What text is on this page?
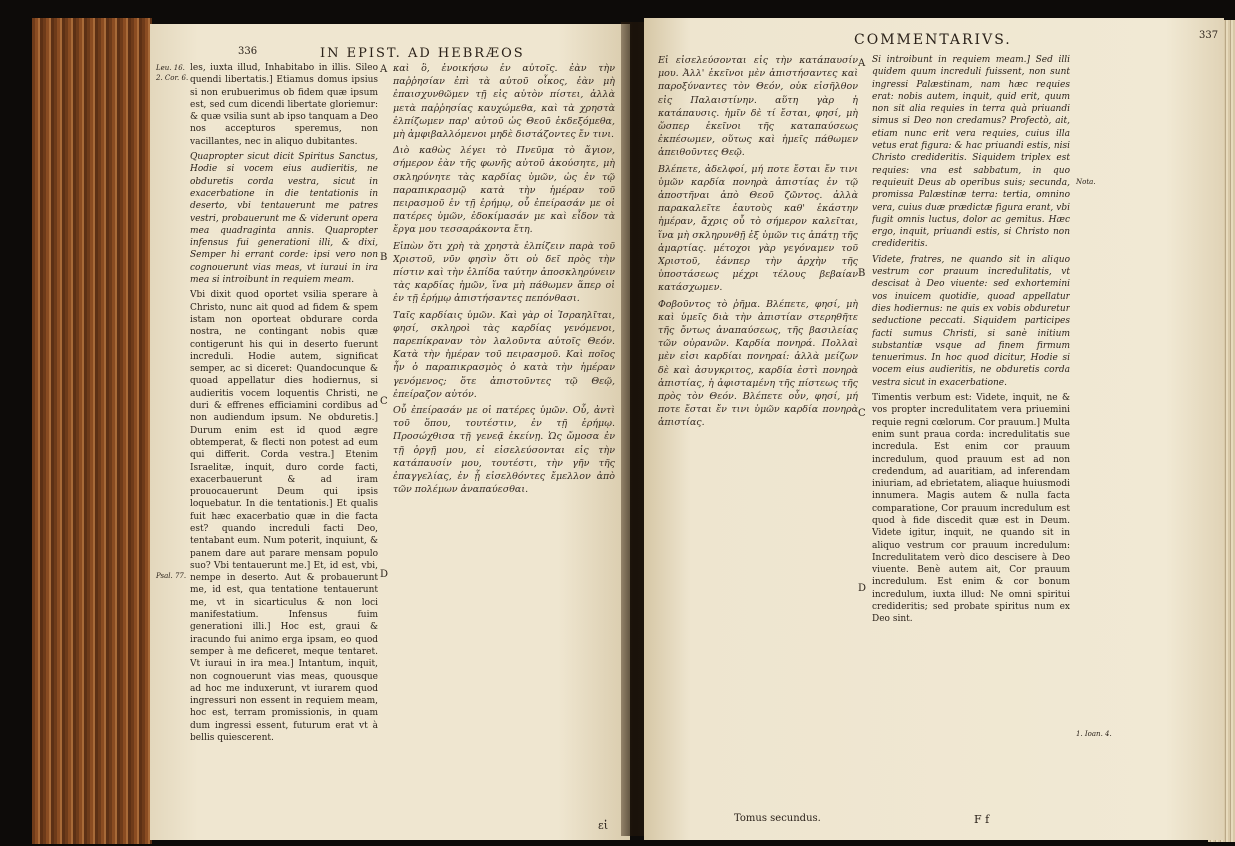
336	IN EPIST. AD HEBRÆOS
Leu. 16.
2. Cor. 6.
Psal. 77.

les, iuxta illud, Inhabitabo in illis. Sileo quendi libertatis.] Etiamus domus ipsius si non erubuerimus ob fidem quæ ipsum est, sed cum dicendi libertate gloriemur: & quæ vsilia sunt ab ipso tanquam a Deo nos accepturos speremus, non vacillantes, nec in aliquo dubitantes.

Quapropter sicut dicit Spiritus Sanctus, Hodie si vocem eius audieritis, ne obduretis corda vestra, sicut in exacerbatione in die tentationis in deserto, vbi tentauerunt me patres vestri, probauerunt me & viderunt opera mea quadraginta annis. Quapropter infensus fui generationi illi, & dixi, Semper hi errant corde: ipsi vero non cognouerunt vias meas, vt iuraui in ira mea si introibunt in requiem meam.

Vbi dixit quod oportet vsilia sperare à Christo, nunc ait quod ad fidem & spem istam non oporteat obdurare corda nostra, ne contingant nobis quæ contigerunt his qui in deserto fuerunt increduli. Hodie autem, significat semper, ac si diceret: Quandocunque & quoad appellatur dies hodiernus, si audieritis vocem loquentis Christi, ne duri & effrenes efficiamini cordibus ad non audiendum ipsum. Ne obduretis.] Durum enim est id quod ægre obtemperat, & flecti non potest ad eum qui differit. Corda vestra.] Etenim Israelitæ, inquit, duro corde facti, exacerbauerunt & ad iram prouocauerunt Deum qui ipsis loquebatur. In die tentationis.] Et qualis fuit hæc exacerbatio quæ in die facta est? quando increduli facti Deo, tentabant eum. Num poterit, inquiunt, & panem dare aut parare mensam populo suo? Vbi tentauerunt me.] Et, id est, vbi, nempe in deserto. Aut & probauerunt me, id est, qua tentatione tentauerunt me, vt in sicarticulus & non loci manifestatium. Infensus fuim generationi illi.] Hoc est, graui & iracundo fui animo erga ipsam, eo quod semper à me deficeret, meque tentaret. Vt iuraui in ira mea.] Intantum, inquit, non cognouerunt vias meas, quousque ad hoc me induxerunt, vt iurarem quod ingressuri non essent in requiem meam, hoc est, terram promissionis, in quam dum ingressi essent, futurum erat vt à bellis quiescerent.

A
B
C
D

καὶ ὃ, ἐνοικήσω ἐν αὐτοῖς. ἐὰν τὴν παῤῥησίαν ἐπὶ τὰ αὐτοῦ οἶκος, ἐὰν μὴ ἐπαισχυνθῶμεν τῇ εἰς αὐτὸν πίστει, ἀλλὰ μετὰ παῤῥησίας καυχώμεθα, καὶ τὰ χρηστὰ ἐλπίζωμεν παρ' αὐτοῦ ὡς Θεοῦ ἐκδεξόμεθα, μὴ ἀμφιβαλλόμενοι μηδὲ διστάζοντες ἔν τινι.

Διὸ καθὼς λέγει τὸ Πνεῦμα τὸ ἅγιον, σήμερον ἐὰν τῆς φωνῆς αὐτοῦ ἀκούσητε, μὴ σκληρύνητε τὰς καρδίας ὑμῶν, ὡς ἐν τῷ παραπικρασμῷ κατὰ τὴν ἡμέραν τοῦ πειρασμοῦ ἐν τῇ ἐρήμῳ, οὗ ἐπείρασάν με οἱ πατέρες ὑμῶν, ἐδοκίμασάν με καὶ εἶδον τὰ ἔργα μου τεσσαράκοντα ἔτη.

Εἰπὼν ὅτι χρὴ τὰ χρηστὰ ἐλπίζειν παρὰ τοῦ Χριστοῦ, νῦν φησὶν ὅτι οὐ δεῖ πρὸς τὴν πίστιν καὶ τὴν ἐλπίδα ταύτην ἀποσκληρύνειν τὰς καρδίας ἡμῶν, ἵνα μὴ πάθωμεν ἅπερ οἱ ἐν τῇ ἐρήμῳ ἀπιστήσαντες πεπόνθασι.

Ταῖς καρδίαις ὑμῶν. Καὶ γὰρ οἱ Ἰσραηλῖται, φησί, σκληροὶ τὰς καρδίας γενόμενοι, παρεπίκραναν τὸν λαλοῦντα αὐτοῖς Θεόν. Κατὰ τὴν ἡμέραν τοῦ πειρασμοῦ. Καὶ ποῖος ἦν ὁ παραπικρασμὸς ὁ κατὰ τὴν ἡμέραν γενόμενος; ὅτε ἀπιστοῦντες τῷ Θεῷ, ἐπείραζον αὐτόν.

Οὗ ἐπείρασάν με οἱ πατέρες ὑμῶν. Οὗ, ἀντὶ τοῦ ὅπου, τουτέστιν, ἐν τῇ ἐρήμῳ. Προσώχθισα τῇ γενεᾷ ἐκείνῃ. Ὡς ὤμοσα ἐν τῇ ὀργῇ μου, εἰ εἰσελεύσονται εἰς τὴν κατάπαυσίν μου, τουτέστι, τὴν γῆν τῆς ἐπαγγελίας, ἐν ᾗ εἰσελθόντες ἔμελλον ἀπὸ τῶν πολέμων ἀναπαύεσθαι.

εἰ
COMMENTARIVS.	337

Εἰ εἰσελεύσονται εἰς τὴν κατάπαυσίν μου. Ἀλλ' ἐκεῖνοι μὲν ἀπιστήσαντες καὶ παροξύναντες τὸν Θεόν, οὐκ εἰσῆλθον εἰς Παλαιστίνην. αὕτη γὰρ ἡ κατάπαυσις. ἡμῖν δὲ τί ἔσται, φησί, μὴ ὥσπερ ἐκεῖνοι τῆς καταπαύσεως ἐκπέσωμεν, οὕτως καὶ ἡμεῖς πάθωμεν ἀπειθοῦντες Θεῷ.

Βλέπετε, ἀδελφοί, μή ποτε ἔσται ἔν τινι ὑμῶν καρδία πονηρὰ ἀπιστίας ἐν τῷ ἀποστῆναι ἀπὸ Θεοῦ ζῶντος. ἀλλὰ παρακαλεῖτε ἑαυτοὺς καθ' ἑκάστην ἡμέραν, ἄχρις οὗ τὸ σήμερον καλεῖται, ἵνα μὴ σκληρυνθῇ ἐξ ὑμῶν τις ἀπάτῃ τῆς ἁμαρτίας. μέτοχοι γὰρ γεγόναμεν τοῦ Χριστοῦ, ἐάνπερ τὴν ἀρχὴν τῆς ὑποστάσεως μέχρι τέλους βεβαίαν κατάσχωμεν.

Φοβοῦντος τὸ ῥῆμα. Βλέπετε, φησί, μὴ καὶ ὑμεῖς διὰ τὴν ἀπιστίαν στερηθῆτε τῆς ὄντως ἀναπαύσεως, τῆς βασιλείας τῶν οὐρανῶν. Καρδία πονηρά. Πολλαὶ μὲν εἰσι καρδίαι πονηραί: ἀλλὰ μείζων δὲ καὶ ἀσυγκριτος, καρδία ἐστὶ πονηρὰ ἀπιστίας, ἡ ἀφισταμένη τῆς πίστεως τῆς πρὸς τὸν Θεόν. Βλέπετε οὖν, φησί, μή ποτε ἔσται ἔν τινι ὑμῶν καρδία πονηρὰ ἀπιστίας.

A
B
C
D

Si introibunt in requiem meam.] Sed illi quidem quum increduli fuissent, non sunt ingressi Palæstinam, nam hæc requies erat: nobis autem, inquit, quid erit, quum non sit alia requies in terra quà priuandi simus si Deo non credamus? Profectò, ait, etiam nunc erit vera requies, cuius illa vetus erat figura: & hac priuandi estis, nisi Christo credideritis. Siquidem triplex est requies: vna est sabbatum, in quo requieuit Deus ab operibus suis; secunda, promissa Palæstinæ terra: tertia, omnino vera, cuius duæ prædictæ figura erant, vbi fugit omnis luctus, dolor ac gemitus. Hæc ergo, inquit, priuandi estis, si Christo non credideritis.

Videte, fratres, ne quando sit in aliquo vestrum cor prauum incredulitatis, vt descisat à Deo viuente: sed exhortemini vos inuicem quotidie, quoad appellatur dies hodiernus: ne quis ex vobis obduretur seductione peccati. Siquidem participes facti sumus Christi, si sanè initium substantiæ vsque ad finem firmum tenuerimus. In hoc quod dicitur, Hodie si vocem eius audieritis, ne obduretis corda vestra sicut in exacerbatione.

Timentis verbum est: Videte, inquit, ne & vos propter incredulitatem vera priuemini requie regni cœlorum. Cor prauum.] Multa enim sunt praua corda: incredulitatis sue incredula. Est enim cor prauum incredulum, quod prauum est ad non credendum, ad auaritiam, ad inferendam iniuriam, ad ebrietatem, aliaque huiusmodi innumera. Magis autem & nulla facta comparatione, Cor prauum incredulum est quod à fide discedit quæ est in Deum. Videte igitur, inquit, ne quando sit in aliquo vestrum cor prauum incredulum: Incredulitatem verò dico descisere à Deo viuente. Benè autem ait, Cor prauum incredulum. Est enim & cor bonum incredulum, iuxta illud: Ne omni spiritui credideritis; sed probate spiritus num ex Deo sint.

Nota.
1. Ioan. 4.
Tomus secundus.	F f
